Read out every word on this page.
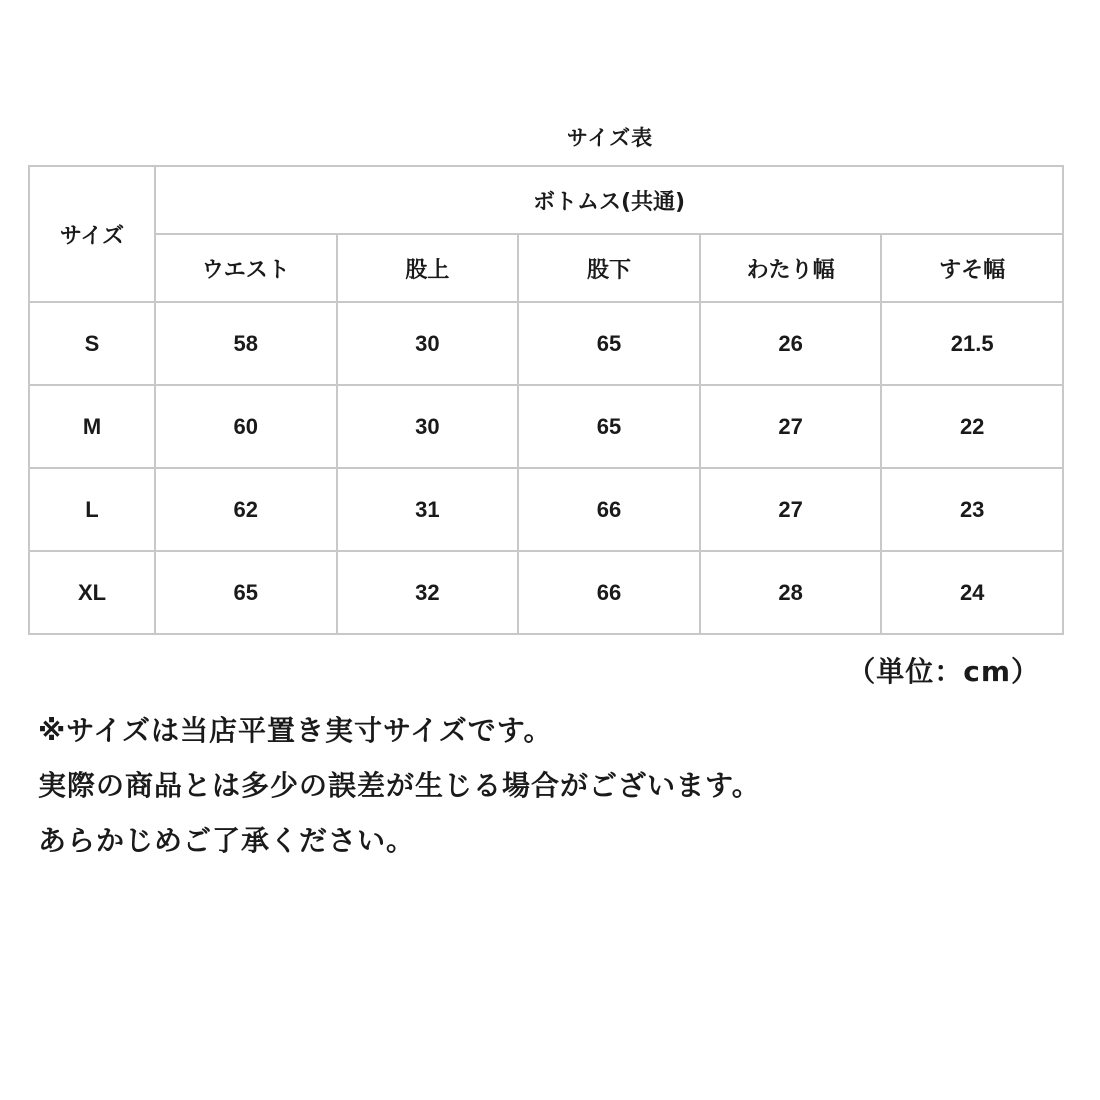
サイズ表
サイズ	ボトムス(共通)				
	ウエスト	股上	股下	わたり幅	すそ幅
S	58	30	65	26	21.5
M	60	30	65	27	22
L	62	31	66	27	23
XL	65	32	66	28	24
（単位：cm）
※サイズは当店平置き実寸サイズです。
実際の商品とは多少の誤差が生じる場合がございます。
あらかじめご了承ください。
